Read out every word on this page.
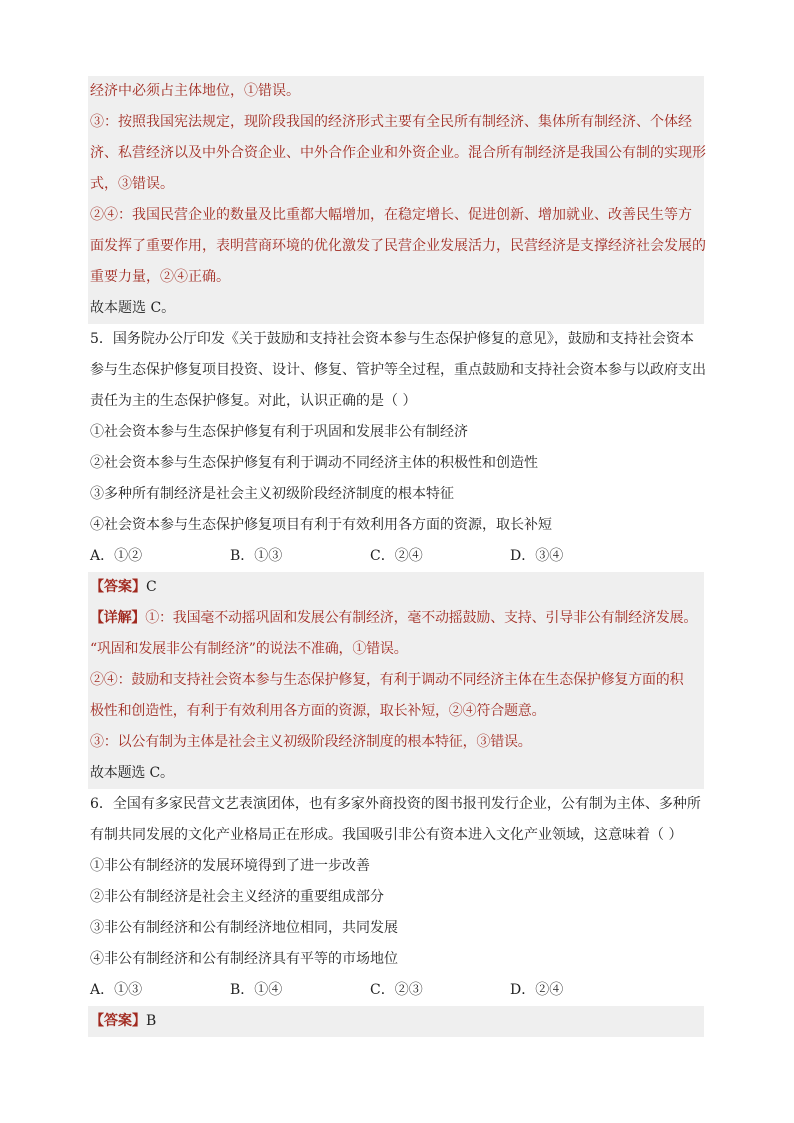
经济中必须占主体地位，①错误。
③：按照我国宪法规定，现阶段我国的经济形式主要有全民所有制经济、集体所有制经济、个体经
济、私营经济以及中外合资企业、中外合作企业和外资企业。混合所有制经济是我国公有制的实现形
式，③错误。
②④：我国民营企业的数量及比重都大幅增加，在稳定增长、促进创新、增加就业、改善民生等方
面发挥了重要作用，表明营商环境的优化激发了民营企业发展活力，民营经济是支撑经济社会发展的
重要力量，②④正确。
故本题选 C。
5．国务院办公厅印发《关于鼓励和支持社会资本参与生态保护修复的意见》，鼓励和支持社会资本
参与生态保护修复项目投资、设计、修复、管护等全过程，重点鼓励和支持社会资本参与以政府支出
责任为主的生态保护修复。对此，认识正确的是（ ）
①社会资本参与生态保护修复有利于巩固和发展非公有制经济
②社会资本参与生态保护修复有利于调动不同经济主体的积极性和创造性
③多种所有制经济是社会主义初级阶段经济制度的根本特征
④社会资本参与生态保护修复项目有利于有效利用各方面的资源，取长补短
A．①②	B．①③	C．②④	D．③④
【答案】C
【详解】①：我国毫不动摇巩固和发展公有制经济，毫不动摇鼓励、支持、引导非公有制经济发展。
“巩固和发展非公有制经济”的说法不准确，①错误。
②④：鼓励和支持社会资本参与生态保护修复，有利于调动不同经济主体在生态保护修复方面的积
极性和创造性，有利于有效利用各方面的资源，取长补短，②④符合题意。
③：以公有制为主体是社会主义初级阶段经济制度的根本特征，③错误。
故本题选 C。
6．全国有多家民营文艺表演团体，也有多家外商投资的图书报刊发行企业，公有制为主体、多种所
有制共同发展的文化产业格局正在形成。我国吸引非公有资本进入文化产业领域，这意味着（ ）
①非公有制经济的发展环境得到了进一步改善
②非公有制经济是社会主义经济的重要组成部分
③非公有制经济和公有制经济地位相同，共同发展
④非公有制经济和公有制经济具有平等的市场地位
A．①③	B．①④	C．②③	D．②④
【答案】B
